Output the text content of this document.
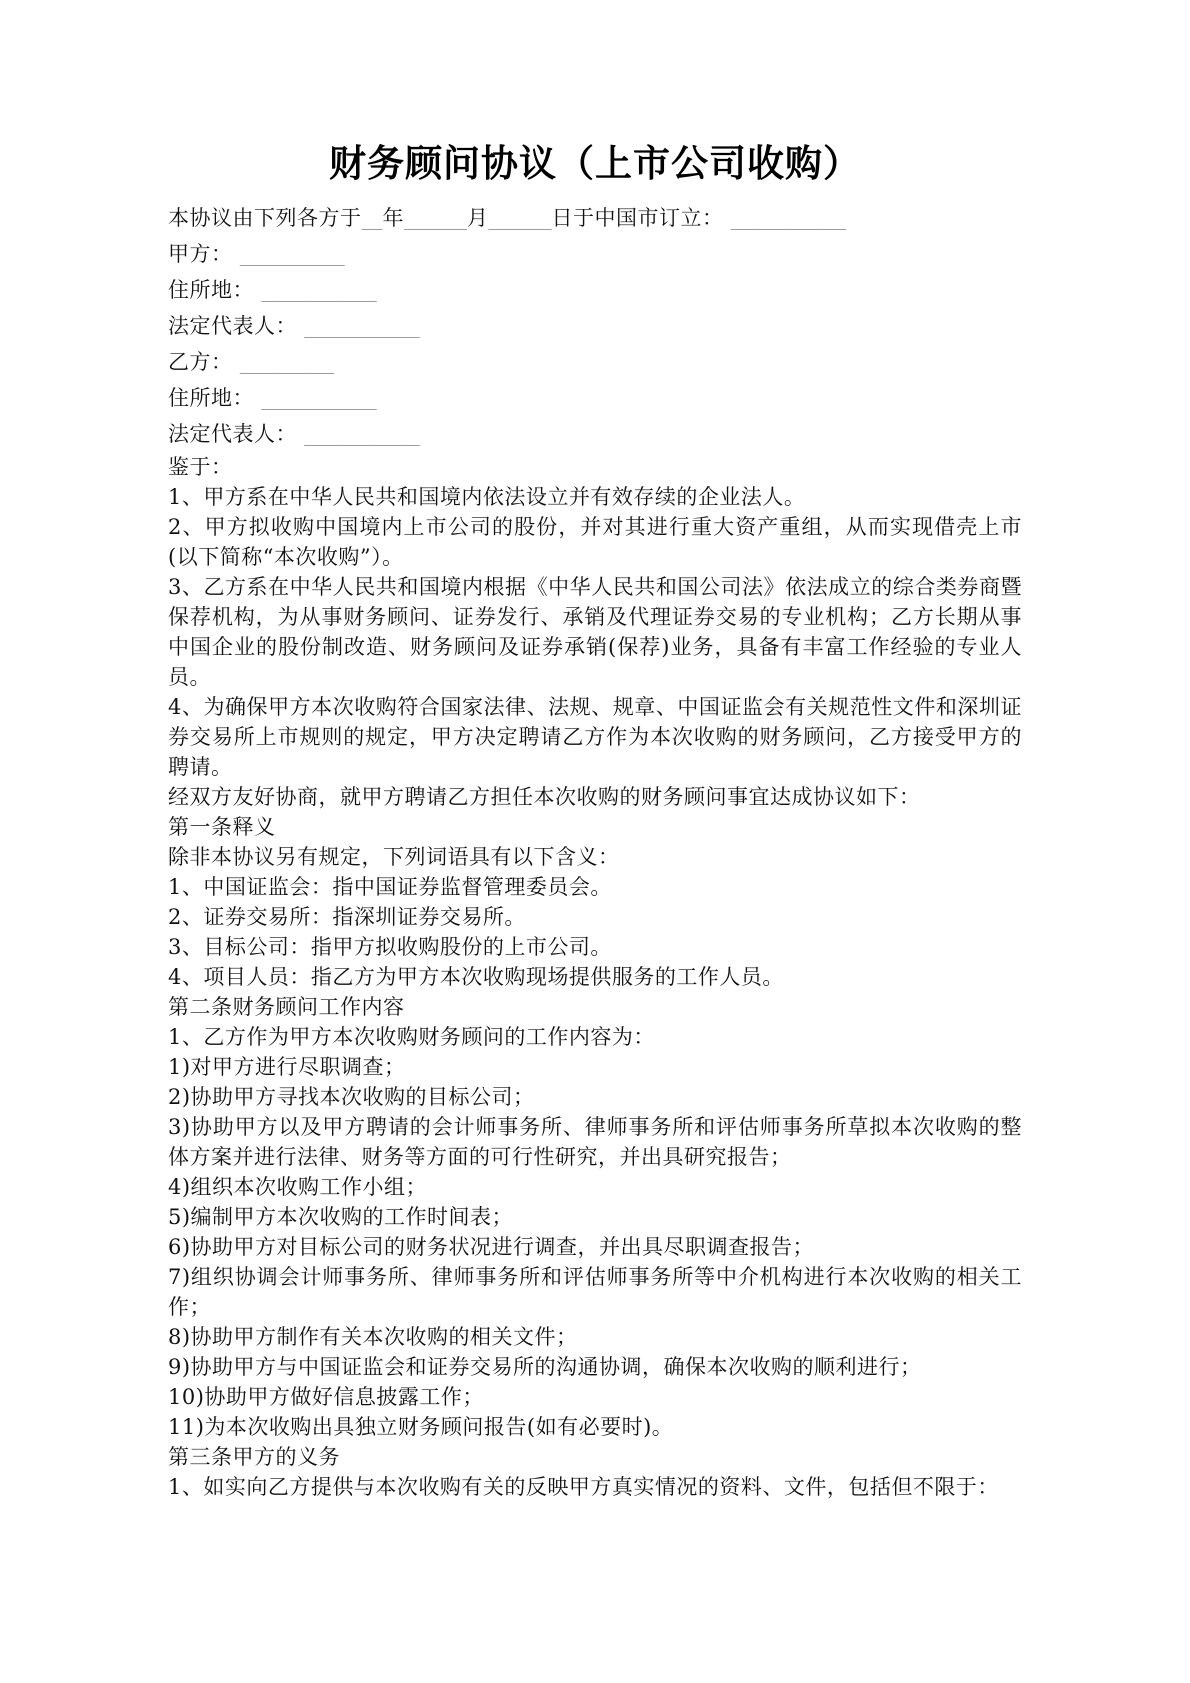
财务顾问协议（上市公司收购）

本协议由下列各方于__年______月______日于中国市订立： ___________

甲方： __________

住所地： ___________

法定代表人： ___________

乙方： _________

住所地： ___________

法定代表人： ___________

鉴于：

1、甲方系在中华人民共和国境内依法设立并有效存续的企业法人。

2、甲方拟收购中国境内上市公司的股份，并对其进行重大资产重组，从而实现借壳上市(以下简称“本次收购”）。

3、乙方系在中华人民共和国境内根据《中华人民共和国公司法》依法成立的综合类券商暨保荐机构，为从事财务顾问、证券发行、承销及代理证券交易的专业机构；乙方长期从事中国企业的股份制改造、财务顾问及证券承销(保荐)业务，具备有丰富工作经验的专业人员。

4、为确保甲方本次收购符合国家法律、法规、规章、中国证监会有关规范性文件和深圳证券交易所上市规则的规定，甲方决定聘请乙方作为本次收购的财务顾问，乙方接受甲方的聘请。

经双方友好协商，就甲方聘请乙方担任本次收购的财务顾问事宜达成协议如下：

第一条释义

除非本协议另有规定，下列词语具有以下含义：

1、中国证监会：指中国证券监督管理委员会。

2、证券交易所：指深圳证券交易所。

3、目标公司：指甲方拟收购股份的上市公司。

4、项目人员：指乙方为甲方本次收购现场提供服务的工作人员。

第二条财务顾问工作内容

1、乙方作为甲方本次收购财务顾问的工作内容为：

1)对甲方进行尽职调查；

2)协助甲方寻找本次收购的目标公司；

3)协助甲方以及甲方聘请的会计师事务所、律师事务所和评估师事务所草拟本次收购的整体方案并进行法律、财务等方面的可行性研究，并出具研究报告；

4)组织本次收购工作小组；

5)编制甲方本次收购的工作时间表；

6)协助甲方对目标公司的财务状况进行调查，并出具尽职调查报告；

7)组织协调会计师事务所、律师事务所和评估师事务所等中介机构进行本次收购的相关工作；

8)协助甲方制作有关本次收购的相关文件；

9)协助甲方与中国证监会和证券交易所的沟通协调，确保本次收购的顺利进行；

10)协助甲方做好信息披露工作；

11)为本次收购出具独立财务顾问报告(如有必要时)。

第三条甲方的义务

1、如实向乙方提供与本次收购有关的反映甲方真实情况的资料、文件，包括但不限于：
